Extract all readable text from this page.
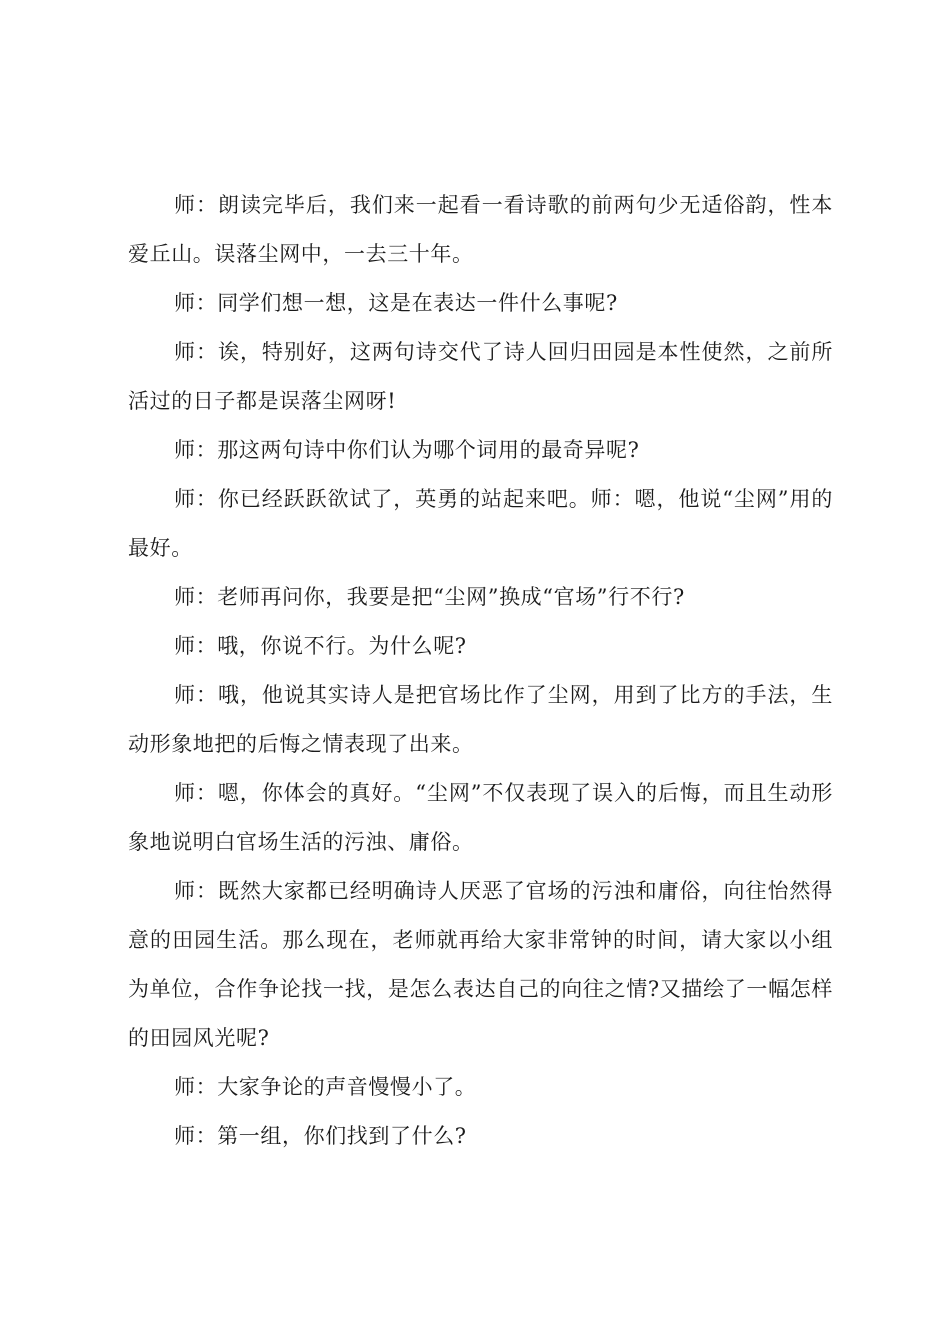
师：朗读完毕后，我们来一起看一看诗歌的前两句少无适俗韵，性本爱丘山。误落尘网中，一去三十年。

师：同学们想一想，这是在表达一件什么事呢?

师：诶，特别好，这两句诗交代了诗人回归田园是本性使然，之前所活过的日子都是误落尘网呀!

师：那这两句诗中你们认为哪个词用的最奇异呢?

师：你已经跃跃欲试了，英勇的站起来吧。师：嗯，他说“尘网”用的最好。

师：老师再问你，我要是把“尘网”换成“官场”行不行?

师：哦，你说不行。为什么呢?

师：哦，他说其实诗人是把官场比作了尘网，用到了比方的手法，生动形象地把的后悔之情表现了出来。

师：嗯，你体会的真好。“尘网”不仅表现了误入的后悔，而且生动形象地说明白官场生活的污浊、庸俗。

师：既然大家都已经明确诗人厌恶了官场的污浊和庸俗，向往怡然得意的田园生活。那么现在，老师就再给大家非常钟的时间，请大家以小组为单位，合作争论找一找，是怎么表达自己的向往之情?又描绘了一幅怎样的田园风光呢?

师：大家争论的声音慢慢小了。

师：第一组，你们找到了什么?
